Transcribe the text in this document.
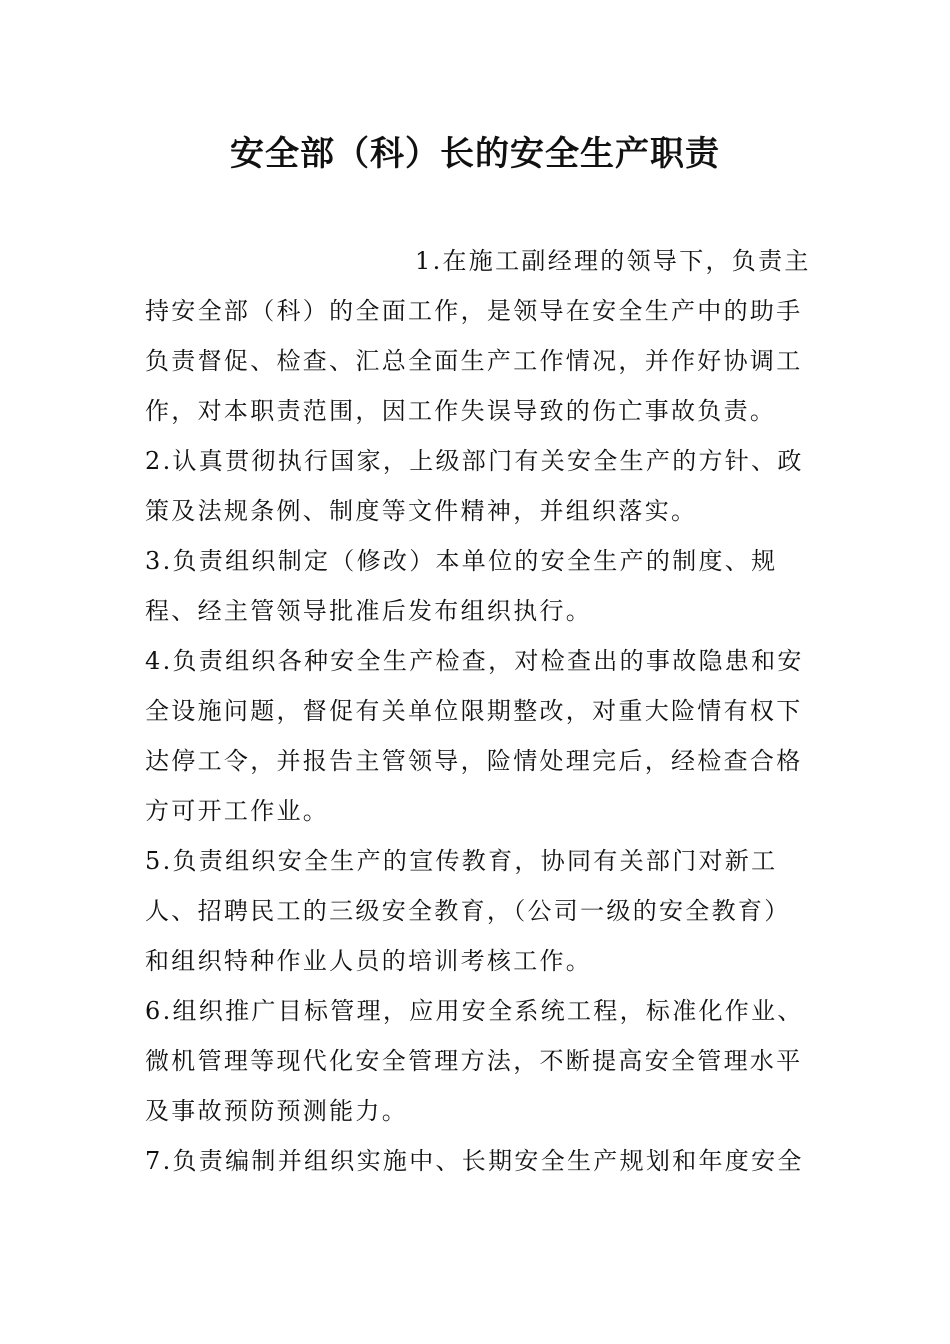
安全部（科）长的安全生产职责

1.在施工副经理的领导下，负责主持安全部（科）的全面工作，是领导在安全生产中的助手负责督促、检查、汇总全面生产工作情况，并作好协调工作，对本职责范围，因工作失误导致的伤亡事故负责。

2.认真贯彻执行国家，上级部门有关安全生产的方针、政策及法规条例、制度等文件精神，并组织落实。

3.负责组织制定（修改）本单位的安全生产的制度、规程、经主管领导批准后发布组织执行。

4.负责组织各种安全生产检查，对检查出的事故隐患和安全设施问题，督促有关单位限期整改，对重大险情有权下达停工令，并报告主管领导，险情处理完后，经检查合格方可开工作业。

5.负责组织安全生产的宣传教育，协同有关部门对新工人、招聘民工的三级安全教育，（公司一级的安全教育）和组织特种作业人员的培训考核工作。

6.组织推广目标管理，应用安全系统工程，标准化作业、微机管理等现代化安全管理方法，不断提高安全管理水平及事故预防预测能力。

7.负责编制并组织实施中、长期安全生产规划和年度安全
